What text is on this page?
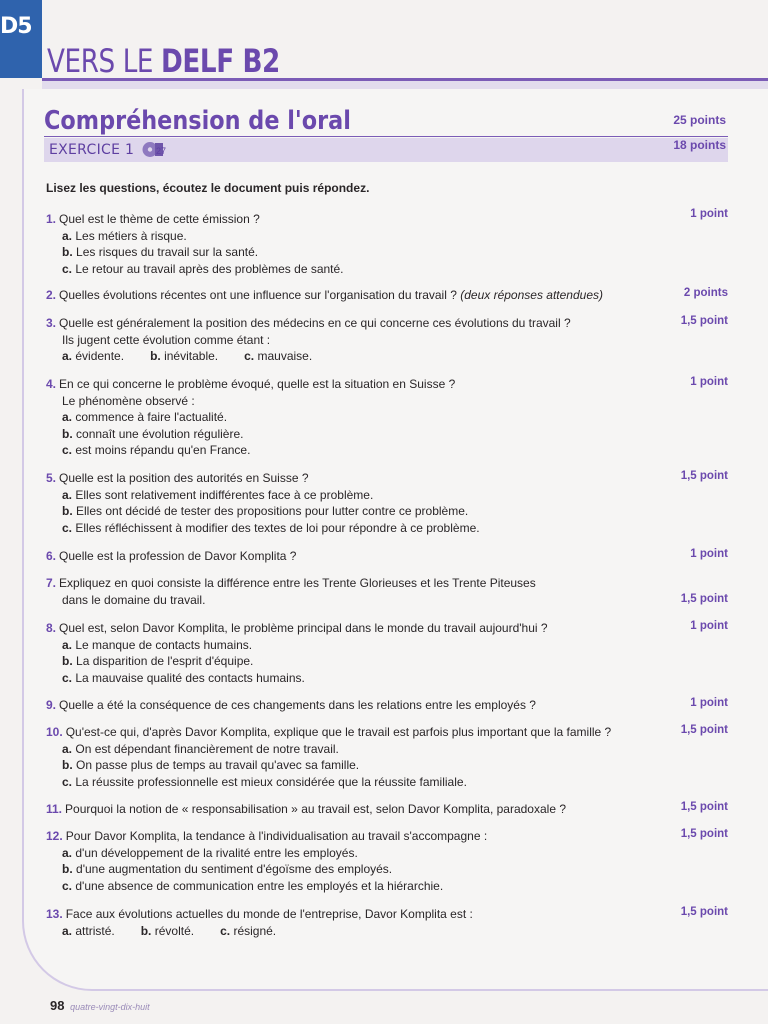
D5
VERS LE DELF B2
Compréhension de l'oral	25 points
EXERCICE 1 27	18 points
Lisez les questions, écoutez le document puis répondez.
1. Quel est le thème de cette émission ?
a. Les métiers à risque.
b. Les risques du travail sur la santé.
c. Le retour au travail après des problèmes de santé.
1 point
2. Quelles évolutions récentes ont une influence sur l'organisation du travail ? (deux réponses attendues)	2 points
3. Quelle est généralement la position des médecins en ce qui concerne ces évolutions du travail ?
Ils jugent cette évolution comme étant :
a. évidente. b. inévitable. c. mauvaise.
1,5 point
4. En ce qui concerne le problème évoqué, quelle est la situation en Suisse ?
Le phénomène observé :
a. commence à faire l'actualité.
b. connaît une évolution régulière.
c. est moins répandu qu'en France.
1 point
5. Quelle est la position des autorités en Suisse ?
a. Elles sont relativement indifférentes face à ce problème.
b. Elles ont décidé de tester des propositions pour lutter contre ce problème.
c. Elles réfléchissent à modifier des textes de loi pour répondre à ce problème.
1,5 point
6. Quelle est la profession de Davor Komplita ?	1 point
7. Expliquez en quoi consiste la différence entre les Trente Glorieuses et les Trente Piteuses
dans le domaine du travail.	1,5 point
8. Quel est, selon Davor Komplita, le problème principal dans le monde du travail aujourd'hui ?
a. Le manque de contacts humains.
b. La disparition de l'esprit d'équipe.
c. La mauvaise qualité des contacts humains.
1 point
9. Quelle a été la conséquence de ces changements dans les relations entre les employés ?	1 point
10. Qu'est-ce qui, d'après Davor Komplita, explique que le travail est parfois plus important que la famille ?
a. On est dépendant financièrement de notre travail.
b. On passe plus de temps au travail qu'avec sa famille.
c. La réussite professionnelle est mieux considérée que la réussite familiale.
1,5 point
11. Pourquoi la notion de « responsabilisation » au travail est, selon Davor Komplita, paradoxale ?	1,5 point
12. Pour Davor Komplita, la tendance à l'individualisation au travail s'accompagne :
a. d'un développement de la rivalité entre les employés.
b. d'une augmentation du sentiment d'égoïsme des employés.
c. d'une absence de communication entre les employés et la hiérarchie.
1,5 point
13. Face aux évolutions actuelles du monde de l'entreprise, Davor Komplita est :
a. attristé. b. révolté. c. résigné.
1,5 point
98 quatre-vingt-dix-huit
